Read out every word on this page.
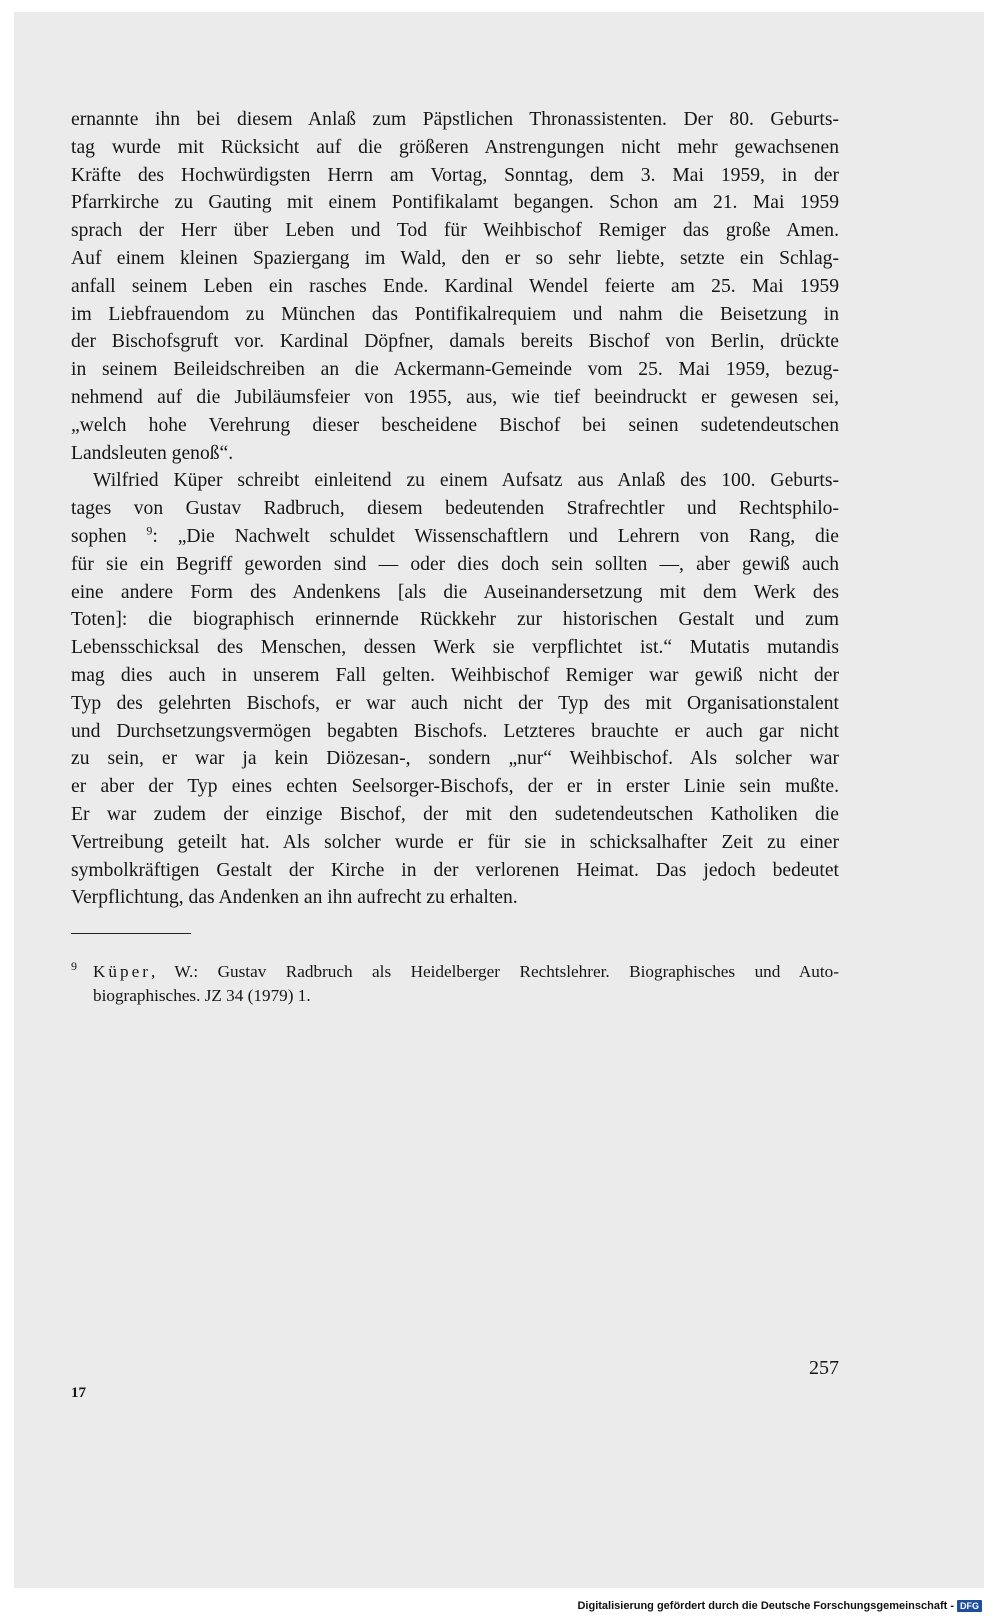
ernannte ihn bei diesem Anlaß zum Päpstlichen Thronassistenten. Der 80. Geburts-
tag wurde mit Rücksicht auf die größeren Anstrengungen nicht mehr gewachsenen
Kräfte des Hochwürdigsten Herrn am Vortag, Sonntag, dem 3. Mai 1959, in der
Pfarrkirche zu Gauting mit einem Pontifikalamt begangen. Schon am 21. Mai 1959
sprach der Herr über Leben und Tod für Weihbischof Remiger das große Amen.
Auf einem kleinen Spaziergang im Wald, den er so sehr liebte, setzte ein Schlag-
anfall seinem Leben ein rasches Ende. Kardinal Wendel feierte am 25. Mai 1959
im Liebfrauendom zu München das Pontifikalrequiem und nahm die Beisetzung in
der Bischofsgruft vor. Kardinal Döpfner, damals bereits Bischof von Berlin, drückte
in seinem Beileidschreiben an die Ackermann-Gemeinde vom 25. Mai 1959, bezug-
nehmend auf die Jubiläumsfeier von 1955, aus, wie tief beeindruckt er gewesen sei,
„welch hohe Verehrung dieser bescheidene Bischof bei seinen sudetendeutschen
Landsleuten genoß“.
Wilfried Küper schreibt einleitend zu einem Aufsatz aus Anlaß des 100. Geburts-
tages von Gustav Radbruch, diesem bedeutenden Strafrechtler und Rechtsphilo-
sophen $^9$: „Die Nachwelt schuldet Wissenschaftlern und Lehrern von Rang, die
für sie ein Begriff geworden sind — oder dies doch sein sollten —, aber gewiß auch
eine andere Form des Andenkens [als die Auseinandersetzung mit dem Werk des
Toten]: die biographisch erinnernde Rückkehr zur historischen Gestalt und zum
Lebensschicksal des Menschen, dessen Werk sie verpflichtet ist.“ Mutatis mutandis
mag dies auch in unserem Fall gelten. Weihbischof Remiger war gewiß nicht der
Typ des gelehrten Bischofs, er war auch nicht der Typ des mit Organisationstalent
und Durchsetzungsvermögen begabten Bischofs. Letzteres brauchte er auch gar nicht
zu sein, er war ja kein Diözesan-, sondern „nur“ Weihbischof. Als solcher war
er aber der Typ eines echten Seelsorger-Bischofs, der er in erster Linie sein mußte.
Er war zudem der einzige Bischof, der mit den sudetendeutschen Katholiken die
Vertreibung geteilt hat. Als solcher wurde er für sie in schicksalhafter Zeit zu einer
symbolkräftigen Gestalt der Kirche in der verlorenen Heimat. Das jedoch bedeutet
Verpflichtung, das Andenken an ihn aufrecht zu erhalten.
9 Küper, W.: Gustav Radbruch als Heidelberger Rechtslehrer. Biographisches und Auto-
biographisches. JZ 34 (1979) 1.
257
17
Digitalisierung gefördert durch die Deutsche Forschungsgemeinschaft - DFG
